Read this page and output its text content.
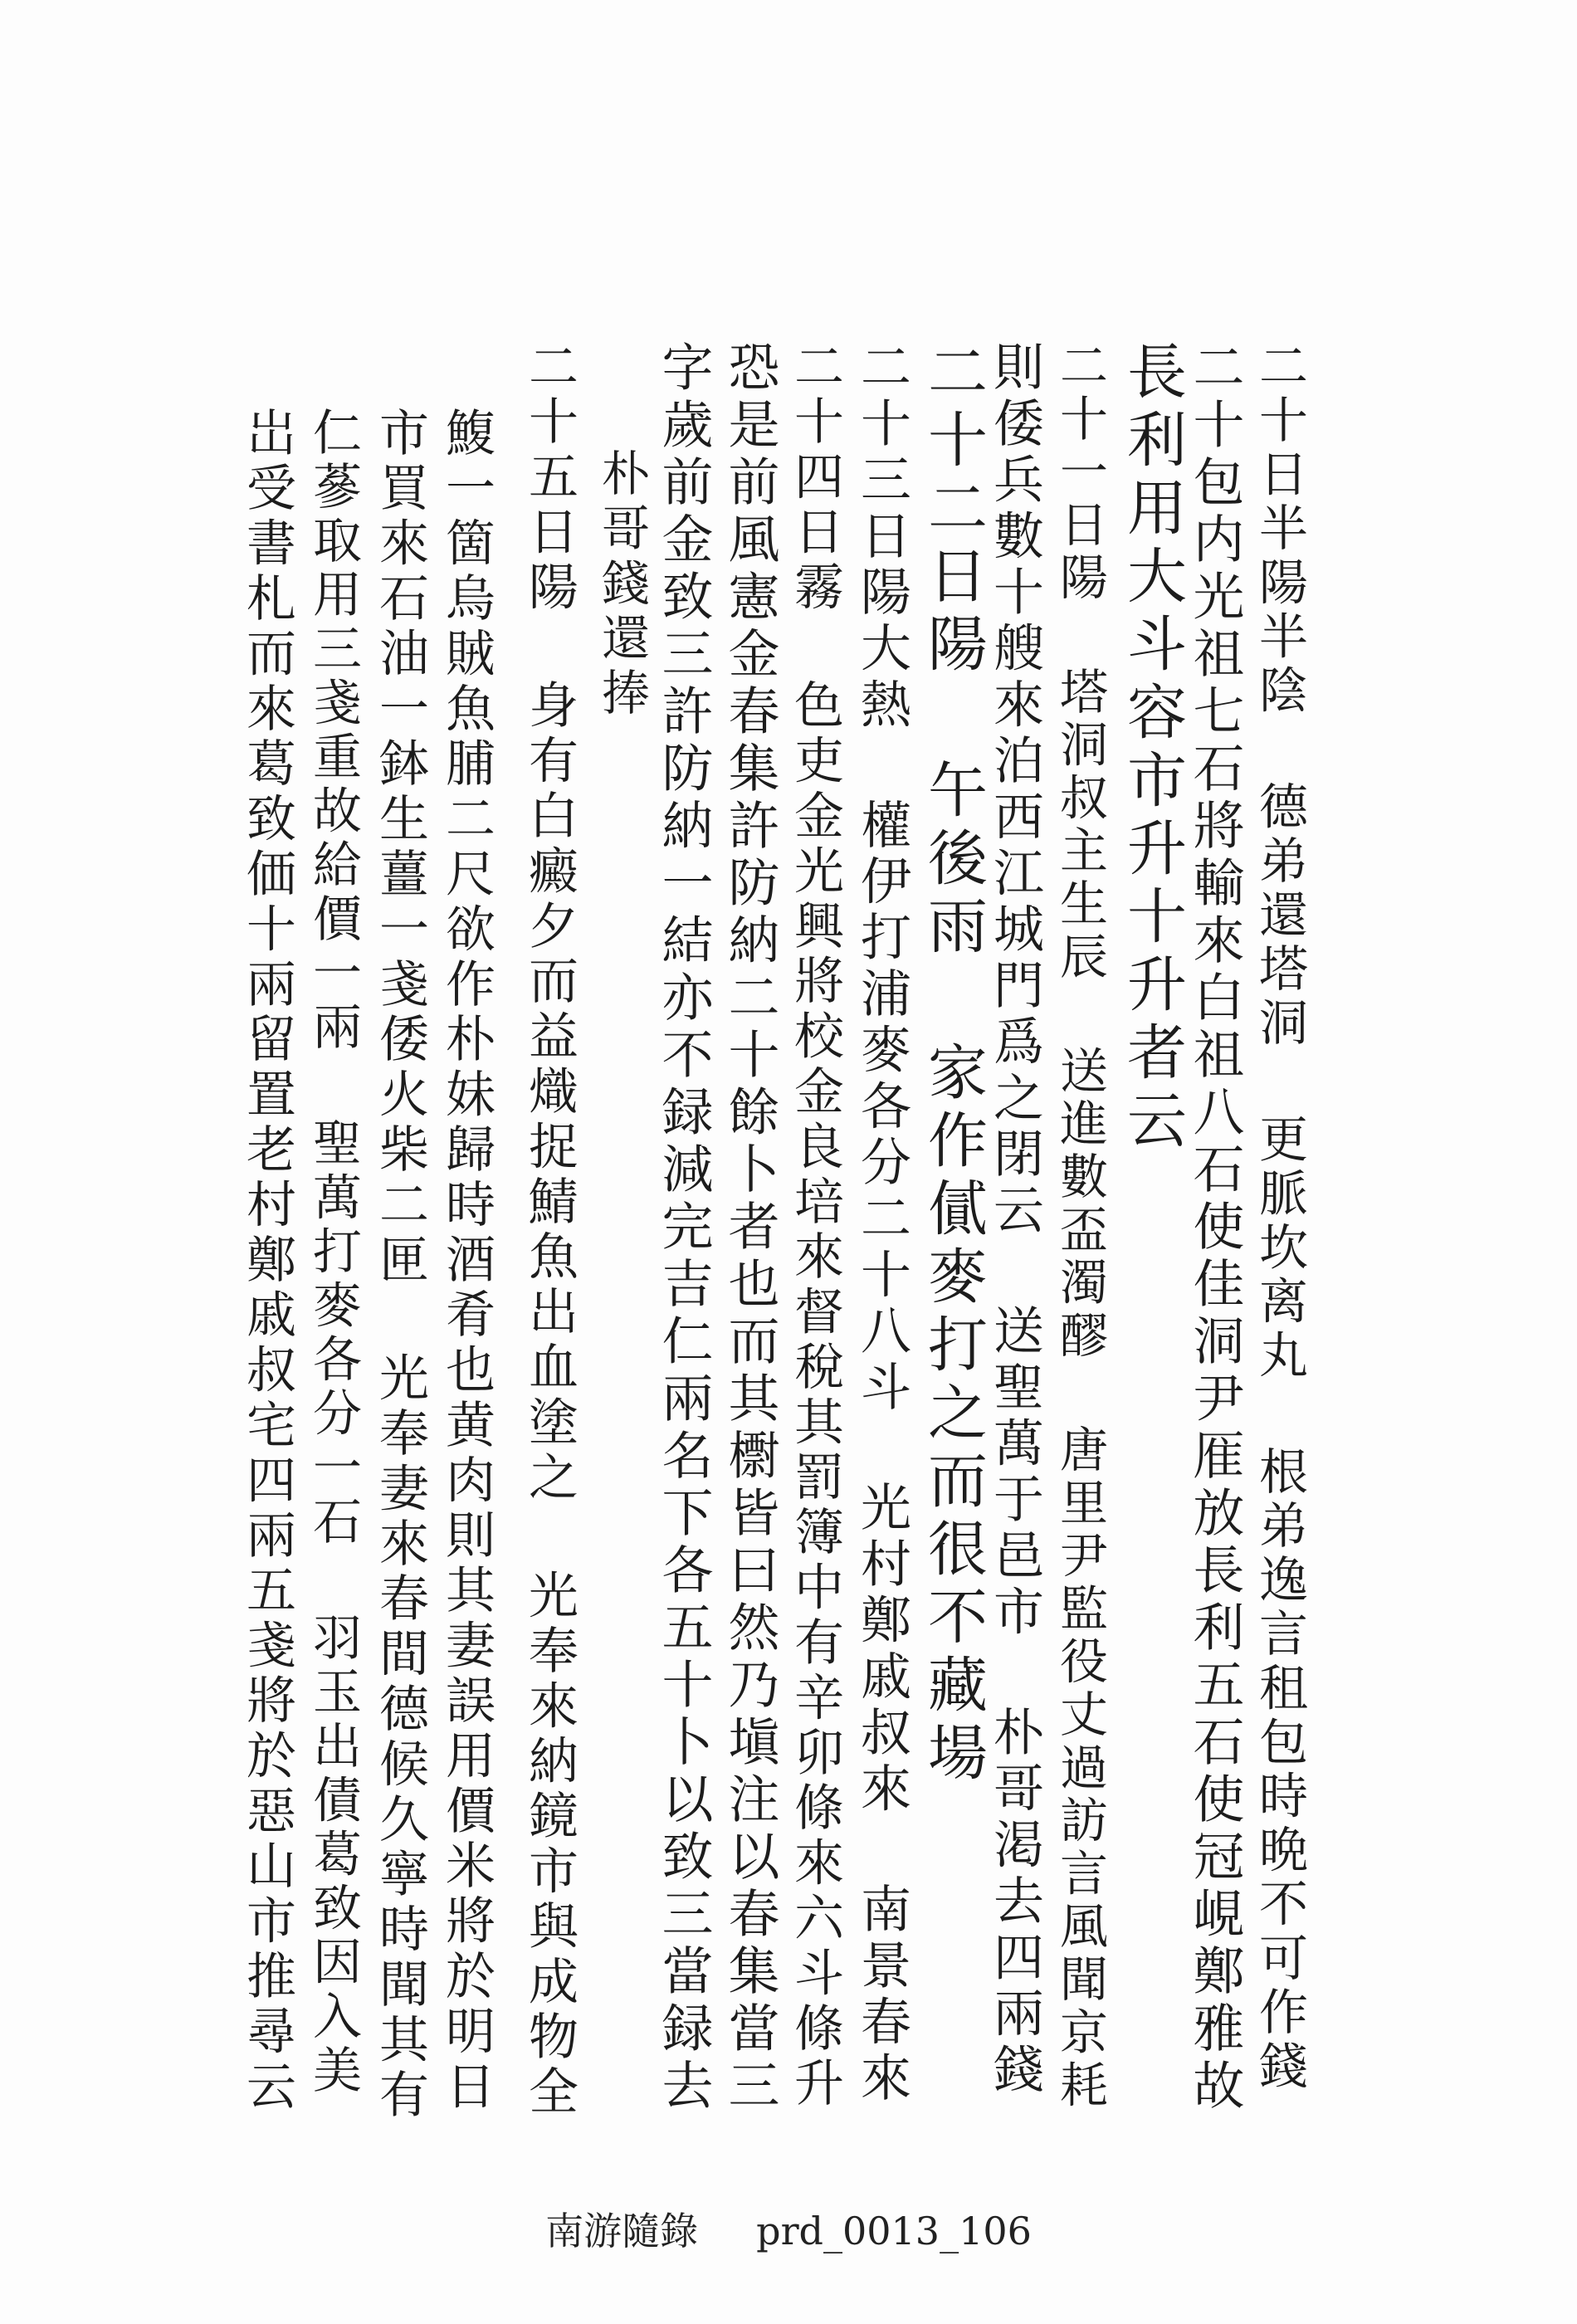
二十日半陽半陰 德弟還塔洞 更脈坎离丸 根弟逸言租包時晩不可作錢
二十包内光祖七石將輸來白祖八石使佳洞尹㕍放長利五石使冠峴鄭雅故
長利用大斗容市升十升者云
二十一日陽 塔洞叔主生辰 送進數盃濁醪 唐里尹監役丈過訪言風聞京耗
則倭兵數十艘來泊西江城門爲之閉云 送聖萬于邑市 朴哥渇去四兩錢
二十二日陽 午後雨 家作㒃麥打之而很不藏場
二十三日陽大熱 權伊打浦麥各分二十八斗 光村鄭戚叔來 南景春來
二十四日霧 色吏金光興將校金良培來督稅其罰簿中有辛卯條來六斗條升
恐是前風憲金春集許防納二十餘卜者也而其㯹皆曰然乃塡注以春集當三
字歲前金致三許防納一結亦不録減完吉仁兩名下各五十卜以致三當録去
朴哥錢還捧
二十五日陽 身有白癜夕而益熾捉鯖魚出血塗之 光奉來納鏡市與成物全
鰒一箇烏賊魚脯二尺欲作朴妹歸時酒肴也黄肉則其妻誤用價米將於明日
市買來石油一鉢生薑一戔倭火柴二匣 光奉妻來春間德候久寧時聞其有
仁蔘取用三戔重故給價一兩 聖萬打麥各分一石 羽玉出債葛致因入美
岀受書札而來葛致価十兩留置老村鄭戚叔宅四兩五戔將於惡山市推尋云
南游隨錄 prd_0013_106
